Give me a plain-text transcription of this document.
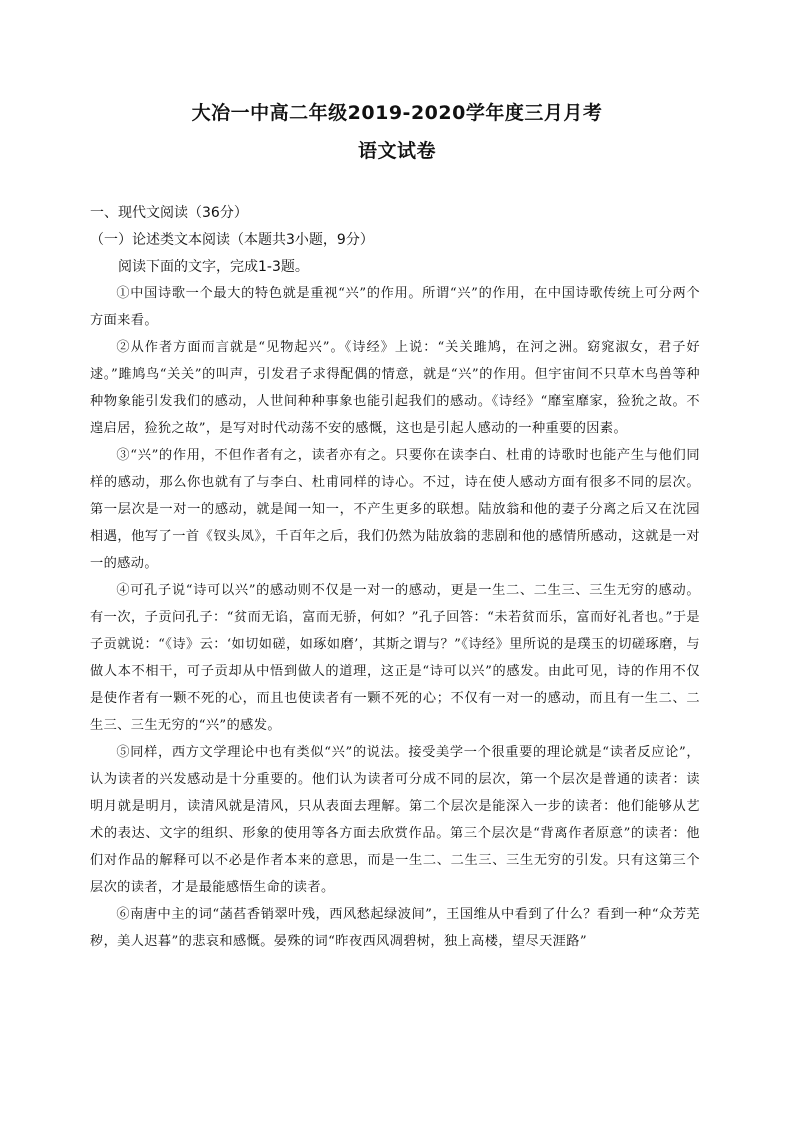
大冶一中高二年级2019-2020学年度三月月考
语文试卷
一、现代文阅读（36分）
（一）论述类文本阅读（本题共3小题，9分）
阅读下面的文字，完成1-3题。

①中国诗歌一个最大的特色就是重视“兴”的作用。所谓“兴”的作用，在中国诗歌传统上可分两个方面来看。

②从作者方面而言就是“见物起兴”。《诗经》上说：“关关雎鸠，在河之洲。窈窕淑女，君子好逑。”雎鸠鸟“关关”的叫声，引发君子求得配偶的情意，就是“兴”的作用。但宇宙间不只草木鸟兽等种种物象能引发我们的感动，人世间种种事象也能引起我们的感动。《诗经》“靡室靡家，猃狁之故。不遑启居，猃狁之故”，是写对时代动荡不安的感慨，这也是引起人感动的一种重要的因素。

③“兴”的作用，不但作者有之，读者亦有之。只要你在读李白、杜甫的诗歌时也能产生与他们同样的感动，那么你也就有了与李白、杜甫同样的诗心。不过，诗在使人感动方面有很多不同的层次。第一层次是一对一的感动，就是闻一知一，不产生更多的联想。陆放翁和他的妻子分离之后又在沈园相遇，他写了一首《钗头凤》，千百年之后，我们仍然为陆放翁的悲剧和他的感情所感动，这就是一对一的感动。

④可孔子说“诗可以兴”的感动则不仅是一对一的感动，更是一生二、二生三、三生无穷的感动。有一次，子贡问孔子：“贫而无谄，富而无骄，何如？”孔子回答：“未若贫而乐，富而好礼者也。”于是子贡就说：“《诗》云：‘如切如磋，如琢如磨’，其斯之谓与？”《诗经》里所说的是璞玉的切磋琢磨，与做人本不相干，可子贡却从中悟到做人的道理，这正是“诗可以兴”的感发。由此可见，诗的作用不仅是使作者有一颗不死的心，而且也使读者有一颗不死的心；不仅有一对一的感动，而且有一生二、二生三、三生无穷的“兴”的感发。

⑤同样，西方文学理论中也有类似“兴”的说法。接受美学一个很重要的理论就是“读者反应论”，认为读者的兴发感动是十分重要的。他们认为读者可分成不同的层次，第一个层次是普通的读者：读明月就是明月，读清风就是清风，只从表面去理解。第二个层次是能深入一步的读者：他们能够从艺术的表达、文字的组织、形象的使用等各方面去欣赏作品。第三个层次是“背离作者原意”的读者：他们对作品的解释可以不必是作者本来的意思，而是一生二、二生三、三生无穷的引发。只有这第三个层次的读者，才是最能感悟生命的读者。

⑥南唐中主的词“菡萏香销翠叶残，西风愁起绿波间”，王国维从中看到了什么？看到一种“众芳芜秽，美人迟暮”的悲哀和感慨。晏殊的词“昨夜西风凋碧树，独上高楼，望尽天涯路”
